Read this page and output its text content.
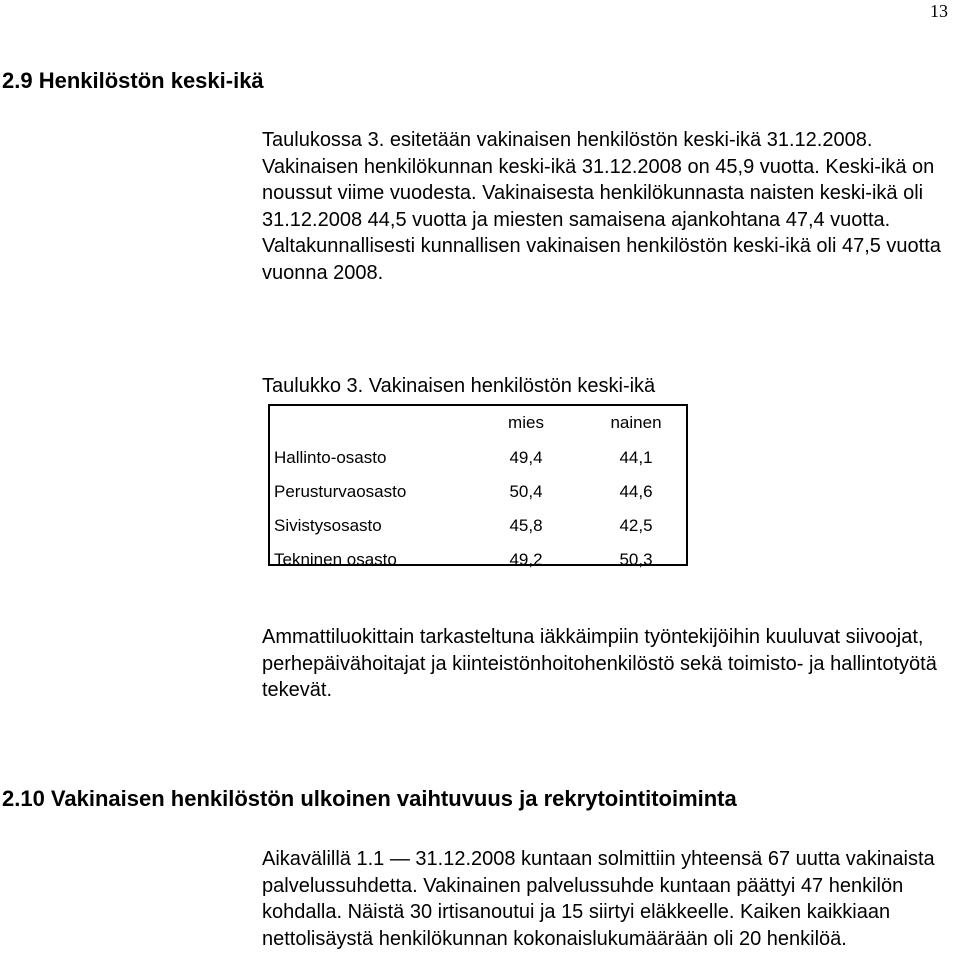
13
2.9 Henkilöstön keski-ikä

Taulukossa 3. esitetään vakinaisen henkilöstön keski-ikä 31.12.2008. Vakinaisen henkilökunnan keski-ikä 31.12.2008 on 45,9 vuotta. Keski-ikä on noussut viime vuodesta. Vakinaisesta henkilökunnasta naisten keski-ikä oli 31.12.2008 44,5 vuotta ja miesten samaisena ajankohtana 47,4 vuotta. Valtakunnallisesti kunnallisen vakinaisen henkilöstön keski-ikä oli 47,5 vuotta vuonna 2008.

Taulukko 3. Vakinaisen henkilöstön keski-ikä

	mies	nainen
Hallinto-osasto	49,4	44,1
Perusturvaosasto	50,4	44,6
Sivistysosasto	45,8	42,5
Tekninen osasto	49,2	50,3

Ammattiluokittain tarkasteltuna iäkkäimpiin työntekijöihin kuuluvat siivoojat, perhepäivähoitajat ja kiinteistönhoitohenkilöstö sekä toimisto- ja hallintotyötä tekevät.

2.10 Vakinaisen henkilöstön ulkoinen vaihtuvuus ja rekrytointitoiminta

Aikavälillä 1.1 — 31.12.2008 kuntaan solmittiin yhteensä 67 uutta vakinaista palvelussuhdetta. Vakinainen palvelussuhde kuntaan päättyi 47 henkilön kohdalla. Näistä 30 irtisanoutui ja 15 siirtyi eläkkeelle. Kaiken kaikkiaan nettolisäystä henkilökunnan kokonaislukumäärään oli 20 henkilöä.
